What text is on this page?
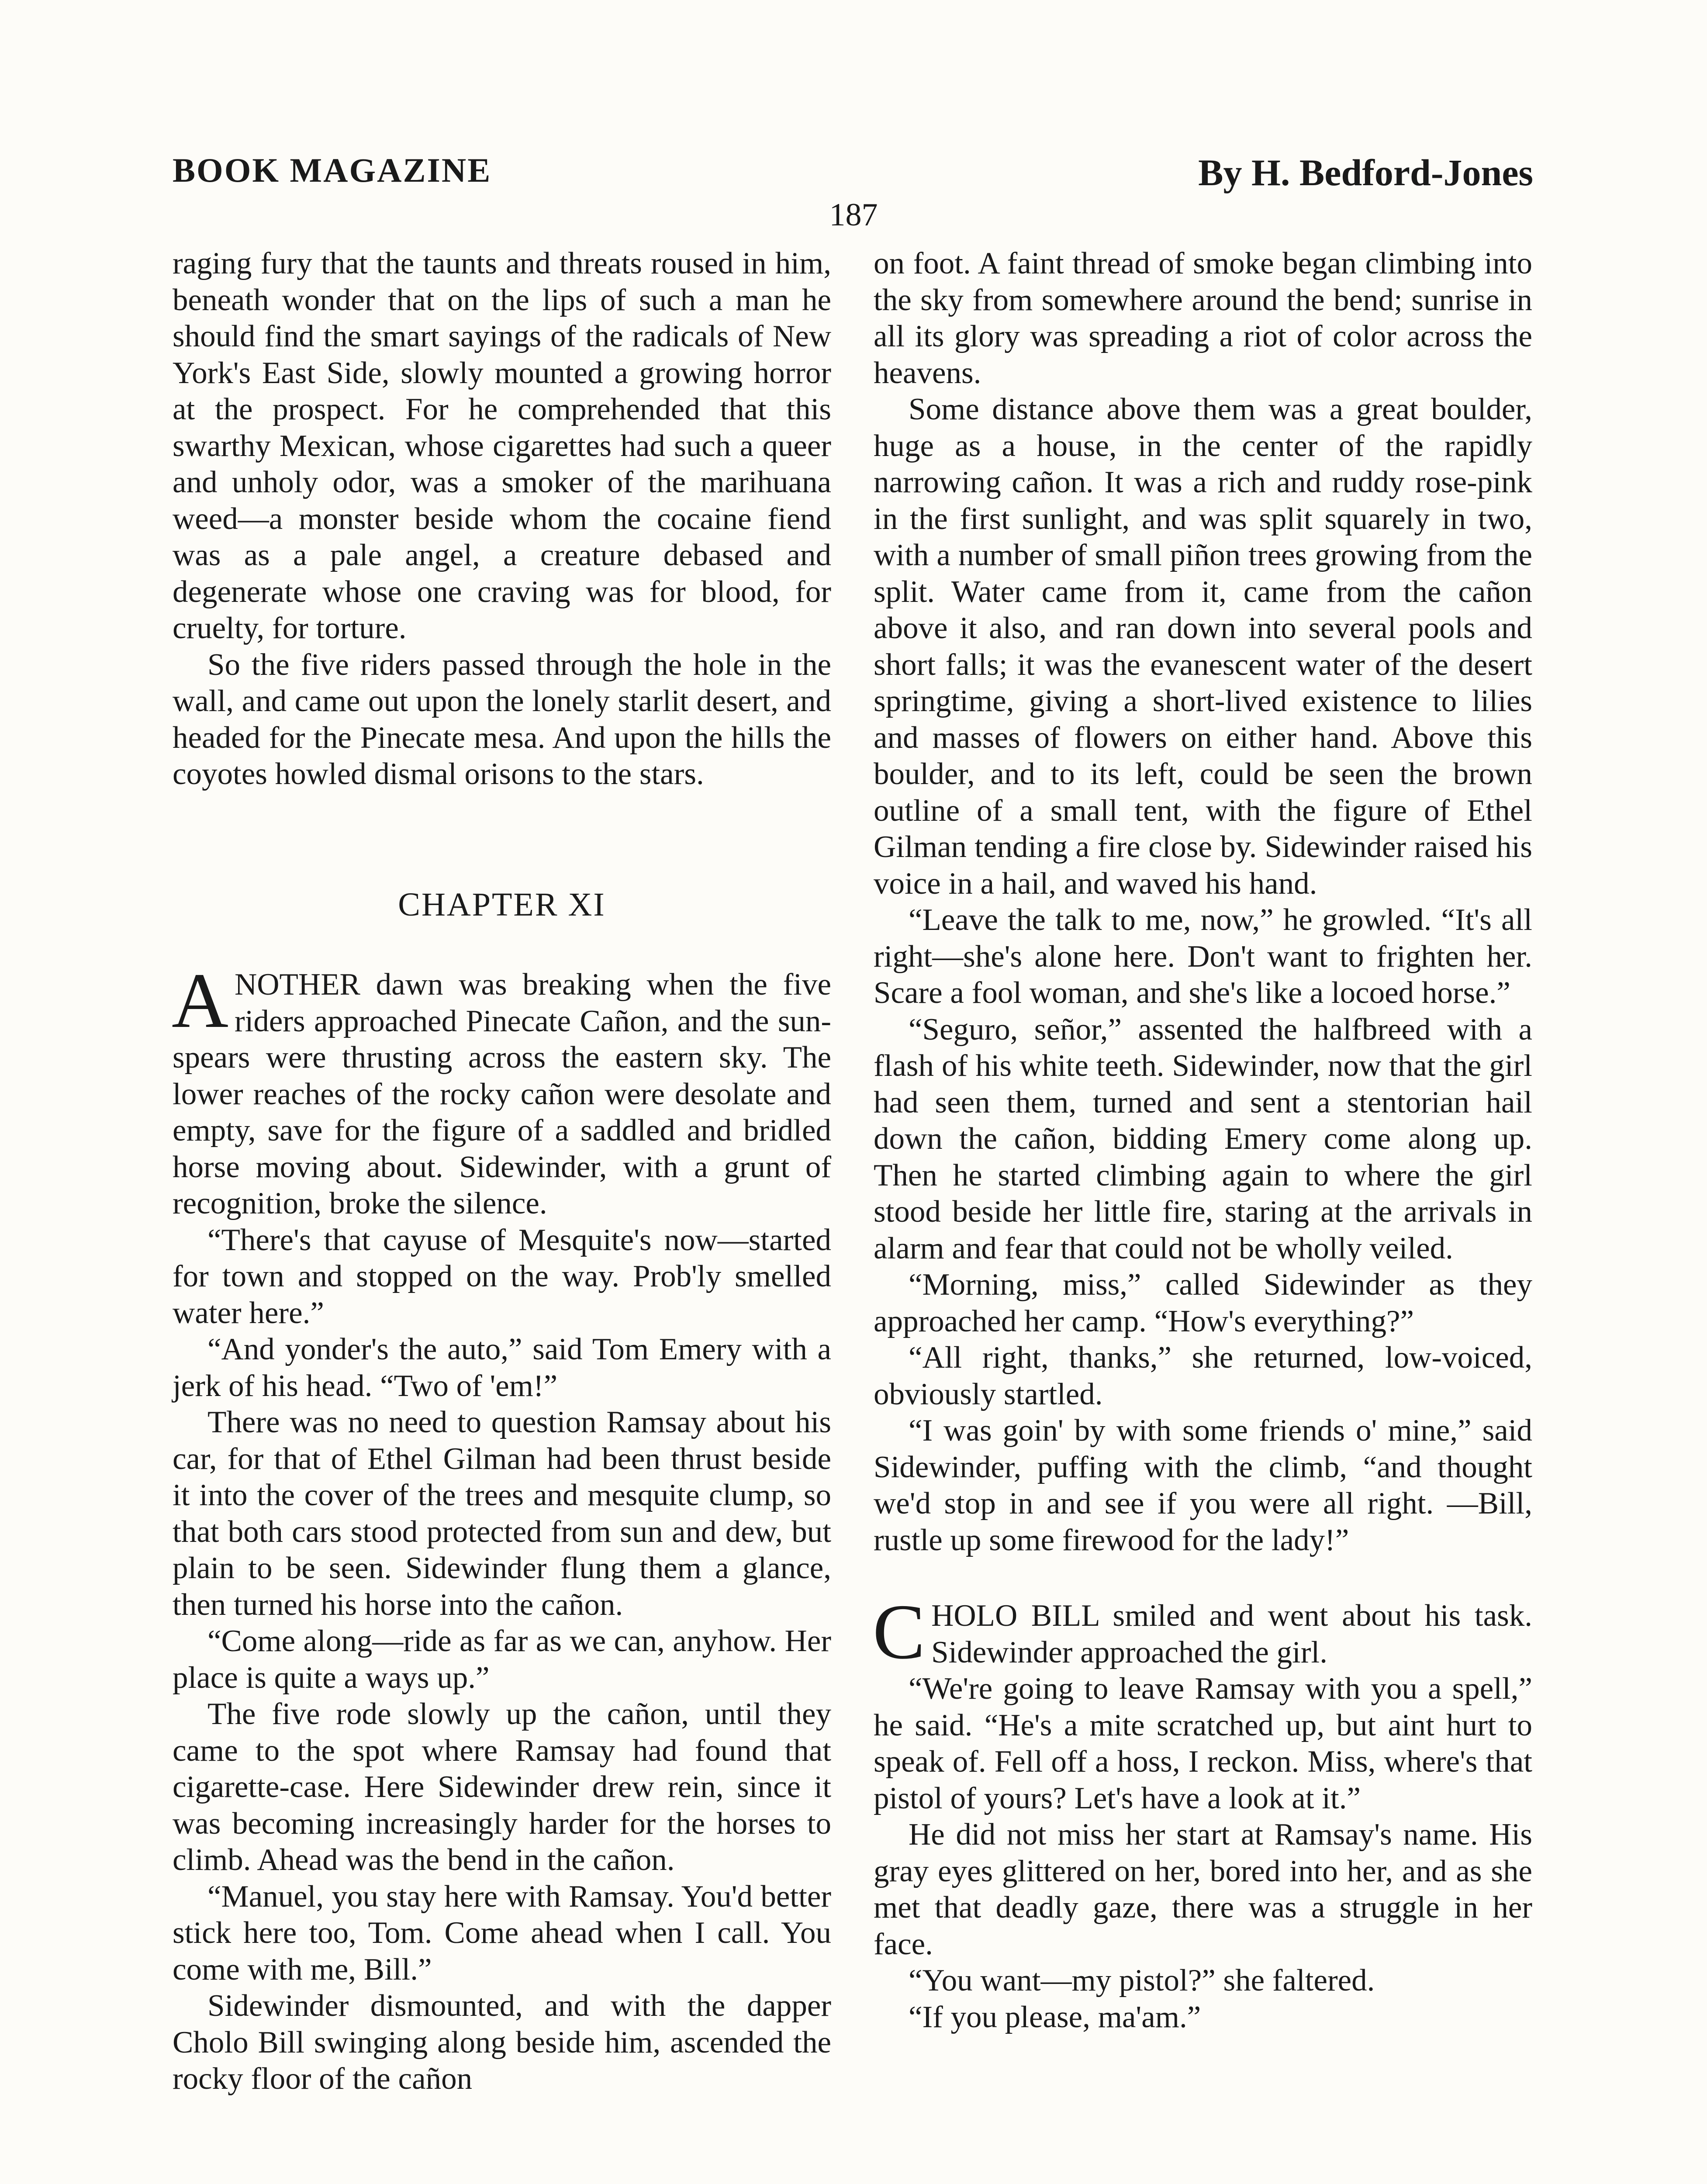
BOOK MAGAZINE	By H. Bedford-Jones
187

raging fury that the taunts and threats roused in him, beneath wonder that on the lips of such a man he should find the smart sayings of the radicals of New York's East Side, slowly mounted a growing horror at the prospect. For he comprehended that this swarthy Mexican, whose cigarettes had such a queer and unholy odor, was a smoker of the marihuana weed—a monster beside whom the cocaine fiend was as a pale angel, a creature debased and degenerate whose one craving was for blood, for cruelty, for torture.

So the five riders passed through the hole in the wall, and came out upon the lonely starlit desert, and headed for the Pinecate mesa. And upon the hills the coyotes howled dismal orisons to the stars.

CHAPTER XI

ANOTHER dawn was breaking when the five riders approached Pinecate Cañon, and the sun-spears were thrusting across the eastern sky. The lower reaches of the rocky cañon were desolate and empty, save for the figure of a saddled and bridled horse moving about. Sidewinder, with a grunt of recognition, broke the silence.

“There's that cayuse of Mesquite's now—started for town and stopped on the way. Prob'ly smelled water here.”

“And yonder's the auto,” said Tom Emery with a jerk of his head. “Two of 'em!”

There was no need to question Ramsay about his car, for that of Ethel Gilman had been thrust beside it into the cover of the trees and mesquite clump, so that both cars stood protected from sun and dew, but plain to be seen. Sidewinder flung them a glance, then turned his horse into the cañon.

“Come along—ride as far as we can, anyhow. Her place is quite a ways up.”

The five rode slowly up the cañon, until they came to the spot where Ramsay had found that cigarette-case. Here Sidewinder drew rein, since it was becoming increasingly harder for the horses to climb. Ahead was the bend in the cañon.

“Manuel, you stay here with Ramsay. You'd better stick here too, Tom. Come ahead when I call. You come with me, Bill.”

Sidewinder dismounted, and with the dapper Cholo Bill swinging along beside him, ascended the rocky floor of the cañon

on foot. A faint thread of smoke began climbing into the sky from somewhere around the bend; sunrise in all its glory was spreading a riot of color across the heavens.

Some distance above them was a great boulder, huge as a house, in the center of the rapidly narrowing cañon. It was a rich and ruddy rose-pink in the first sunlight, and was split squarely in two, with a number of small piñon trees growing from the split. Water came from it, came from the cañon above it also, and ran down into several pools and short falls; it was the evanescent water of the desert springtime, giving a short-lived existence to lilies and masses of flowers on either hand. Above this boulder, and to its left, could be seen the brown outline of a small tent, with the figure of Ethel Gilman tending a fire close by. Sidewinder raised his voice in a hail, and waved his hand.

“Leave the talk to me, now,” he growled. “It's all right—she's alone here. Don't want to frighten her. Scare a fool woman, and she's like a locoed horse.”

“Seguro, señor,” assented the halfbreed with a flash of his white teeth. Sidewinder, now that the girl had seen them, turned and sent a stentorian hail down the cañon, bidding Emery come along up. Then he started climbing again to where the girl stood beside her little fire, staring at the arrivals in alarm and fear that could not be wholly veiled.

“Morning, miss,” called Sidewinder as they approached her camp. “How's everything?”

“All right, thanks,” she returned, low-voiced, obviously startled.

“I was goin' by with some friends o' mine,” said Sidewinder, puffing with the climb, “and thought we'd stop in and see if you were all right. —Bill, rustle up some firewood for the lady!”

CHOLO BILL smiled and went about his task. Sidewinder approached the girl.

“We're going to leave Ramsay with you a spell,” he said. “He's a mite scratched up, but aint hurt to speak of. Fell off a hoss, I reckon. Miss, where's that pistol of yours? Let's have a look at it.”

He did not miss her start at Ramsay's name. His gray eyes glittered on her, bored into her, and as she met that deadly gaze, there was a struggle in her face.

“You want—my pistol?” she faltered.

“If you please, ma'am.”
